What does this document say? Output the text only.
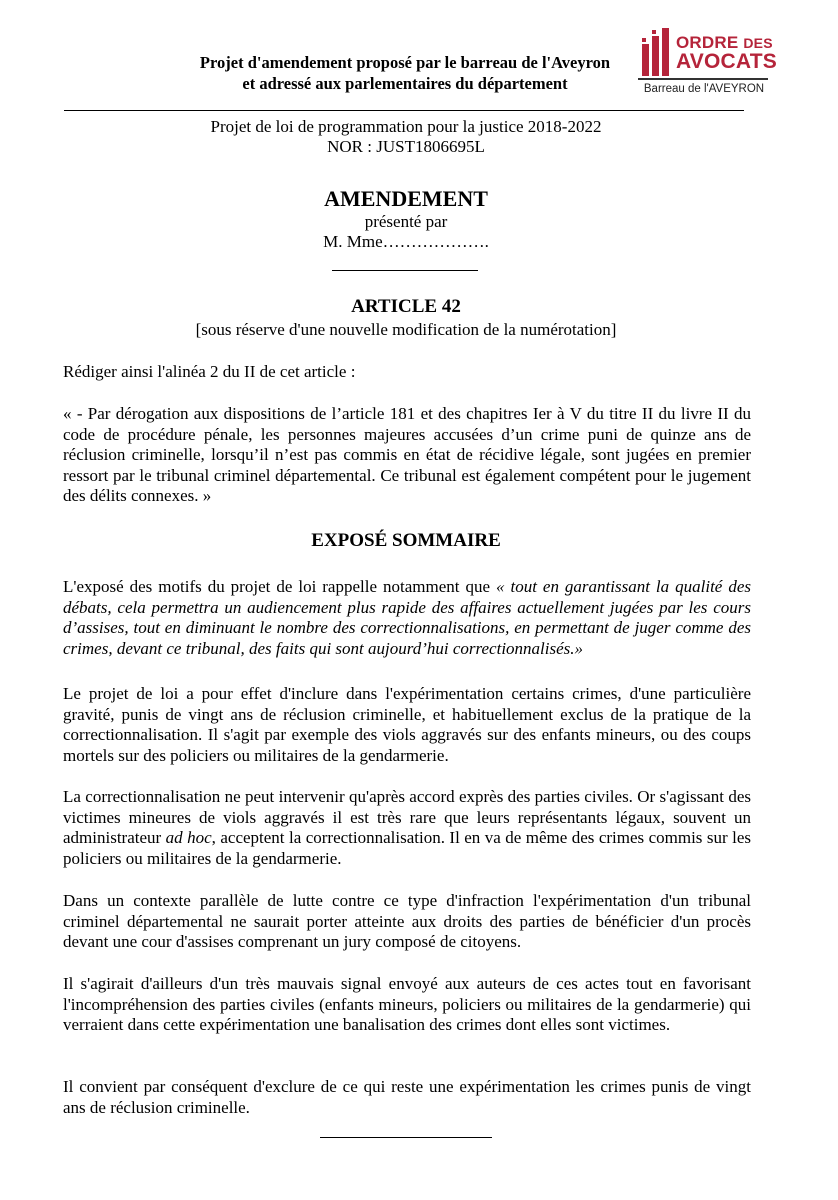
Projet d'amendement proposé par le barreau de l'Aveyron
et adressé aux parlementaires du département
ORDRE DES
AVOCATS
Barreau de l'AVEYRON
Projet de loi de programmation pour la justice 2018-2022
NOR : JUST1806695L
AMENDEMENT
présenté par
M. Mme……………….
ARTICLE 42
[sous réserve d'une nouvelle modification de la numérotation]
Rédiger ainsi l'alinéa 2 du II de cet article :
« - Par dérogation aux dispositions de l’article 181 et des chapitres Ier à V du titre II du livre II du code de procédure pénale, les personnes majeures accusées d’un crime puni de quinze ans de réclusion criminelle, lorsqu’il n’est pas commis en état de récidive légale, sont jugées en premier ressort par le tribunal criminel départemental. Ce tribunal est également compétent pour le jugement des délits connexes. »
EXPOSÉ SOMMAIRE
L'exposé des motifs du projet de loi rappelle notamment que « tout en garantissant la qualité des débats, cela permettra un audiencement plus rapide des affaires actuellement jugées par les cours d’assises, tout en diminuant le nombre des correctionnalisations, en permettant de juger comme des crimes, devant ce tribunal, des faits qui sont aujourd’hui correctionnalisés.»
Le projet de loi a pour effet d'inclure dans l'expérimentation certains crimes, d'une particulière gravité, punis de vingt ans de réclusion criminelle, et habituellement exclus de la pratique de la correctionnalisation. Il s'agit par exemple des viols aggravés sur des enfants mineurs, ou des coups mortels sur des policiers ou militaires de la gendarmerie.
La correctionnalisation ne peut intervenir qu'après accord exprès des parties civiles. Or s'agissant des victimes mineures de viols aggravés il est très rare que leurs représentants légaux, souvent un administrateur ad hoc, acceptent la correctionnalisation. Il en va de même des crimes commis sur les policiers ou militaires de la gendarmerie.
Dans un contexte parallèle de lutte contre ce type d'infraction l'expérimentation d'un tribunal criminel départemental ne saurait porter atteinte aux droits des parties de bénéficier d'un procès devant une cour d'assises comprenant un jury composé de citoyens.
Il s'agirait d'ailleurs d'un très mauvais signal envoyé aux auteurs de ces actes tout en favorisant l'incompréhension des parties civiles (enfants mineurs, policiers ou militaires de la gendarmerie) qui verraient dans cette expérimentation une banalisation des crimes dont elles sont victimes.
Il convient par conséquent d'exclure de ce qui reste une expérimentation les crimes punis de vingt ans de réclusion criminelle.
